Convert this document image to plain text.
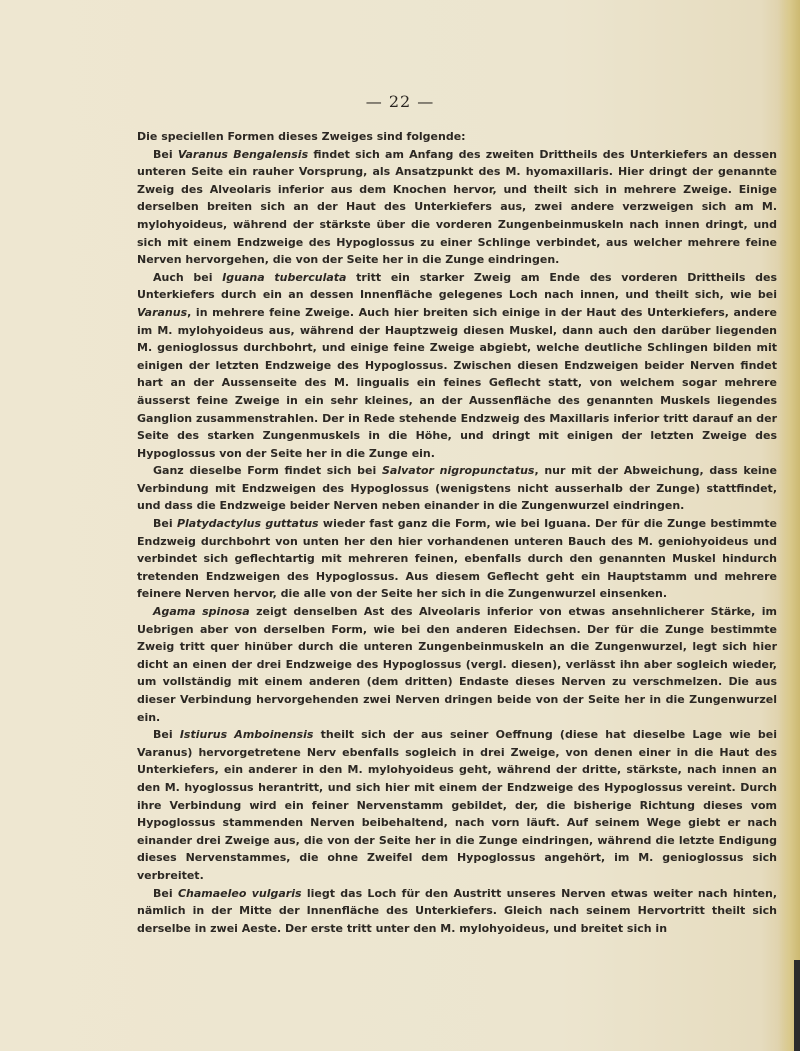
— 22 —

Die speciellen Formen dieses Zweiges sind folgende:

Bei Varanus Bengalensis findet sich am Anfang des zweiten Drittheils des Unterkiefers an dessen unteren Seite ein rauher Vorsprung, als Ansatzpunkt des M. hyomaxillaris. Hier dringt der genannte Zweig des Alveolaris inferior aus dem Knochen hervor, und theilt sich in mehrere Zweige. Einige derselben breiten sich an der Haut des Unterkiefers aus, zwei andere verzweigen sich am M. mylohyoideus, während der stärkste über die vorderen Zungenbeinmuskeln nach innen dringt, und sich mit einem Endzweige des Hypoglossus zu einer Schlinge verbindet, aus welcher mehrere feine Nerven hervorgehen, die von der Seite her in die Zunge eindringen.

Auch bei Iguana tuberculata tritt ein starker Zweig am Ende des vorderen Drittheils des Unterkiefers durch ein an dessen Innenfläche gelegenes Loch nach innen, und theilt sich, wie bei Varanus, in mehrere feine Zweige. Auch hier breiten sich einige in der Haut des Unterkiefers, andere im M. mylohyoideus aus, während der Hauptzweig diesen Muskel, dann auch den darüber liegenden M. genioglossus durchbohrt, und einige feine Zweige abgiebt, welche deutliche Schlingen bilden mit einigen der letzten Endzweige des Hypoglossus. Zwischen diesen Endzweigen beider Nerven findet hart an der Aussenseite des M. lingualis ein feines Geflecht statt, von welchem sogar mehrere äusserst feine Zweige in ein sehr kleines, an der Aussenfläche des genannten Muskels liegendes Ganglion zusammenstrahlen. Der in Rede stehende Endzweig des Maxillaris inferior tritt darauf an der Seite des starken Zungenmuskels in die Höhe, und dringt mit einigen der letzten Zweige des Hypoglossus von der Seite her in die Zunge ein.

Ganz dieselbe Form findet sich bei Salvator nigropunctatus, nur mit der Abweichung, dass keine Verbindung mit Endzweigen des Hypoglossus (wenigstens nicht ausserhalb der Zunge) stattfindet, und dass die Endzweige beider Nerven neben einander in die Zungenwurzel eindringen.

Bei Platydactylus guttatus wieder fast ganz die Form, wie bei Iguana. Der für die Zunge bestimmte Endzweig durchbohrt von unten her den hier vorhandenen unteren Bauch des M. geniohyoideus und verbindet sich geflechtartig mit mehreren feinen, ebenfalls durch den genannten Muskel hindurch tretenden Endzweigen des Hypoglossus. Aus diesem Geflecht geht ein Hauptstamm und mehrere feinere Nerven hervor, die alle von der Seite her sich in die Zungenwurzel einsenken.

Agama spinosa zeigt denselben Ast des Alveolaris inferior von etwas ansehnlicherer Stärke, im Uebrigen aber von derselben Form, wie bei den anderen Eidechsen. Der für die Zunge bestimmte Zweig tritt quer hinüber durch die unteren Zungenbeinmuskeln an die Zungenwurzel, legt sich hier dicht an einen der drei Endzweige des Hypoglossus (vergl. diesen), verlässt ihn aber sogleich wieder, um vollständig mit einem anderen (dem dritten) Endaste dieses Nerven zu verschmelzen. Die aus dieser Verbindung hervorgehenden zwei Nerven dringen beide von der Seite her in die Zungenwurzel ein.

Bei Istiurus Amboinensis theilt sich der aus seiner Oeffnung (diese hat dieselbe Lage wie bei Varanus) hervorgetretene Nerv ebenfalls sogleich in drei Zweige, von denen einer in die Haut des Unterkiefers, ein anderer in den M. mylohyoideus geht, während der dritte, stärkste, nach innen an den M. hyoglossus herantritt, und sich hier mit einem der Endzweige des Hypoglossus vereint. Durch ihre Verbindung wird ein feiner Nervenstamm gebildet, der, die bisherige Richtung dieses vom Hypoglossus stammenden Nerven beibehaltend, nach vorn läuft. Auf seinem Wege giebt er nach einander drei Zweige aus, die von der Seite her in die Zunge eindringen, während die letzte Endigung dieses Nervenstammes, die ohne Zweifel dem Hypoglossus angehört, im M. genioglossus sich verbreitet.

Bei Chamaeleo vulgaris liegt das Loch für den Austritt unseres Nerven etwas weiter nach hinten, nämlich in der Mitte der Innenfläche des Unterkiefers. Gleich nach seinem Hervortritt theilt sich derselbe in zwei Aeste. Der erste tritt unter den M. mylohyoideus, und breitet sich in
